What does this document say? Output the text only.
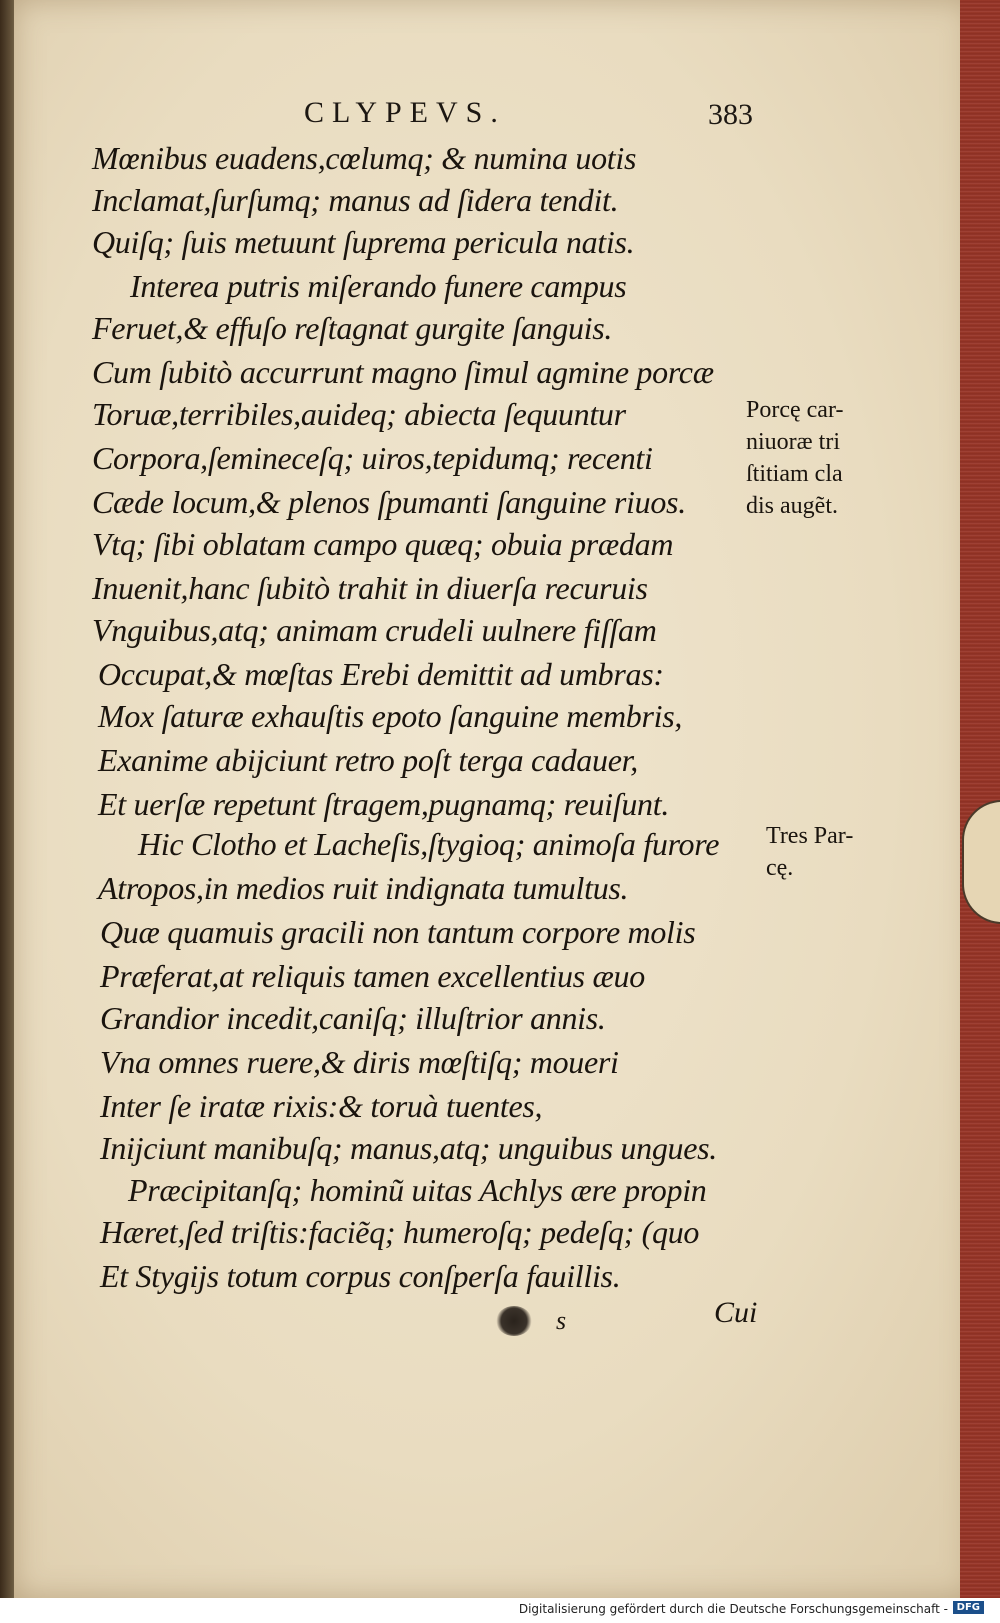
CLYPEVS.	383
Mœnibus euadens,cœlumq; & numina uotis
Inclamat,ſurſumq; manus ad ſidera tendit.
Quiſq; ſuis metuunt ſuprema pericula natis.
Interea putris miſerando funere campus
Feruet,& effuſo reſtagnat gurgite ſanguis.
Cum ſubitò accurrunt magno ſimul agmine porcæ
Toruæ,terribiles,auideq; abiecta ſequuntur
Corpora,ſemineceſq; uiros,tepidumq; recenti
Cæde locum,& plenos ſpumanti ſanguine riuos.
Vtq; ſibi oblatam campo quæq; obuia prædam
Inuenit,hanc ſubitò trahit in diuerſa recuruis
Vnguibus,atq; animam crudeli uulnere fiſſam
Occupat,& mœſtas Erebi demittit ad umbras:
Mox ſaturæ exhauſtis epoto ſanguine membris,
Exanime abijciunt retro poſt terga cadauer,
Et uerſæ repetunt ſtragem,pugnamq; reuiſunt.
Hic Clotho et Lacheſis,ſtygioq; animoſa furore
Atropos,in medios ruit indignata tumultus.
Quæ quamuis gracili non tantum corpore molis
Præferat,at reliquis tamen excellentius æuo
Grandior incedit,caniſq; illuſtrior annis.
Vna omnes ruere,& diris mœſtiſq; moueri
Inter ſe iratæ rixis:& toruà tuentes,
Inijciunt manibuſq; manus,atq; unguibus ungues.
Præcipitanſq; hominũ uitas Achlys ære propin
Hæret,ſed triſtis:faciẽq; humeroſq; pedeſq; (quo
Et Stygijs totum corpus conſperſa fauillis.
Porcę car-
niuoræ tri
ſtitiam cla
dis augẽt.
Tres Par-
cę.
s	Cui
Digitalisierung gefördert durch die Deutsche Forschungsgemeinschaft - DFG
